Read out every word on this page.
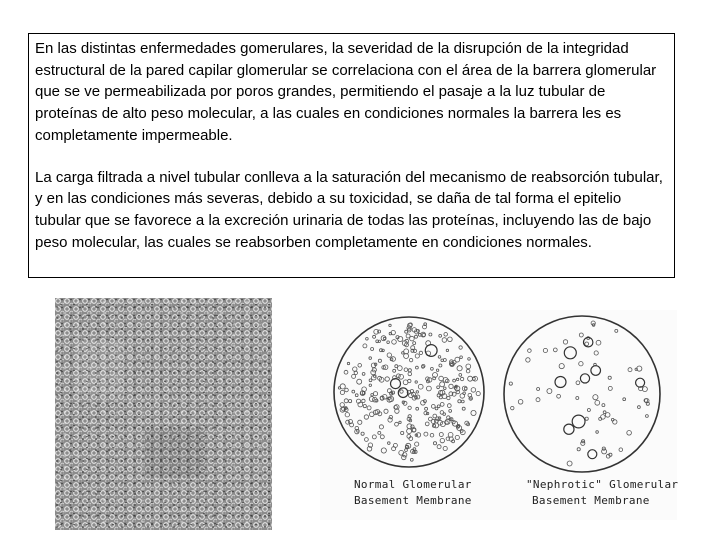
En las distintas enfermedades gomerulares, la severidad de la disrupción de la integridad estructural de la pared capilar glomerular se correlaciona con el área de la barrera glomerular que se ve permeabilizada por poros grandes, permitiendo el pasaje a la luz tubular de proteínas de alto peso molecular, a las cuales en condiciones normales la barrera les es completamente impermeable.

La carga filtrada a nivel tubular conlleva a la saturación del mecanismo de reabsorción tubular, y en las condiciones más severas, debido a su toxicidad, se daña de tal forma el epitelio tubular que se favorece a la excreción urinaria de todas las proteínas, incluyendo las de bajo peso molecular, las cuales se reabsorben completamente en condiciones normales.

Normal Glomerular
Basement Membrane
"Nephrotic" Glomerular
Basement Membrane
